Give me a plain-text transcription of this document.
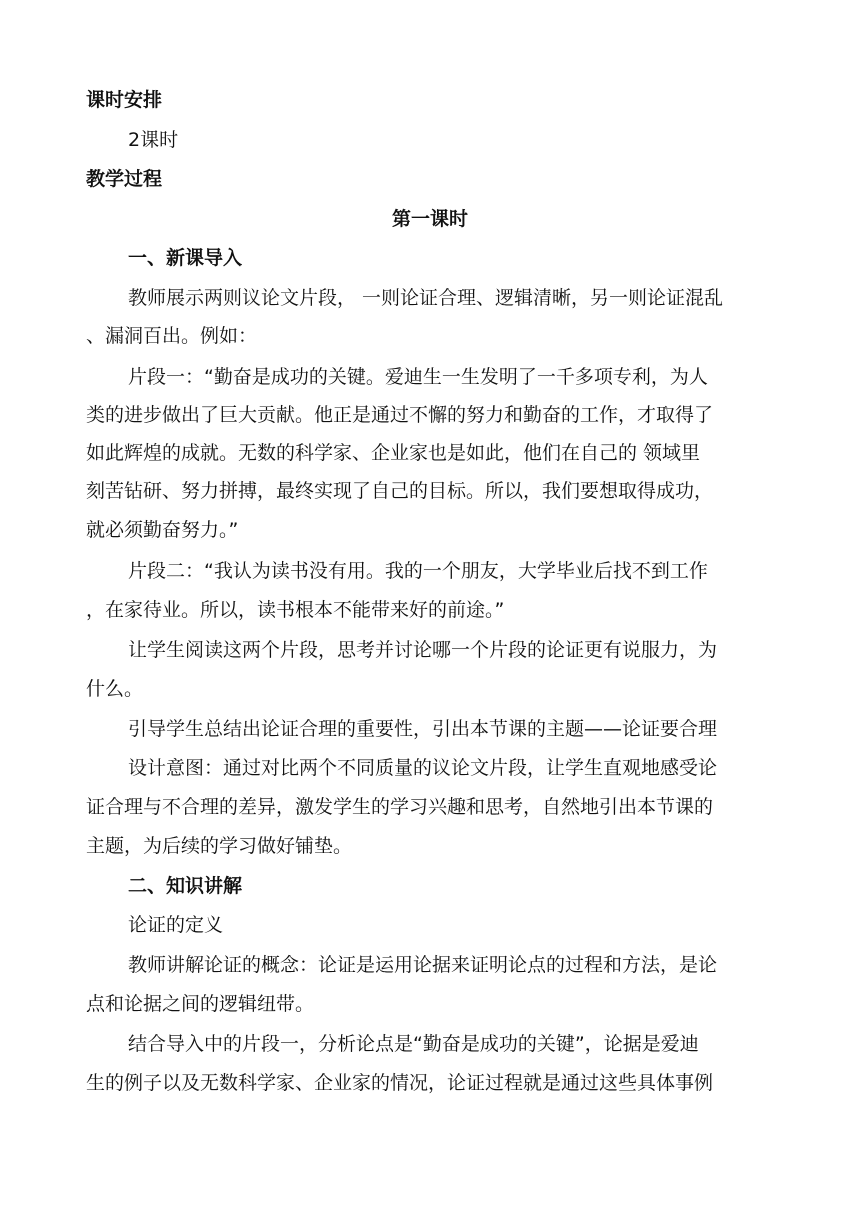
课时安排
2课时
教学过程
第一课时
一、新课导入
教师展示两则议论文片段， 一则论证合理、逻辑清晰，另一则论证混乱
、漏洞百出。例如：
片段一：“勤奋是成功的关键。爱迪生一生发明了一千多项专利，为人
类的进步做出了巨大贡献。他正是通过不懈的努力和勤奋的工作，才取得了
如此辉煌的成就。无数的科学家、企业家也是如此，他们在自己的 领域里
刻苦钻研、努力拼搏，最终实现了自己的目标。所以，我们要想取得成功，
就必须勤奋努力。”
片段二：“我认为读书没有用。我的一个朋友，大学毕业后找不到工作
，在家待业。所以，读书根本不能带来好的前途。”
让学生阅读这两个片段，思考并讨论哪一个片段的论证更有说服力，为
什么。
引导学生总结出论证合理的重要性，引出本节课的主题——论证要合理
设计意图：通过对比两个不同质量的议论文片段，让学生直观地感受论
证合理与不合理的差异，激发学生的学习兴趣和思考，自然地引出本节课的
主题，为后续的学习做好铺垫。
二、知识讲解
论证的定义
教师讲解论证的概念：论证是运用论据来证明论点的过程和方法，是论
点和论据之间的逻辑纽带。
结合导入中的片段一，分析论点是“勤奋是成功的关键”，论据是爱迪
生的例子以及无数科学家、企业家的情况，论证过程就是通过这些具体事例
